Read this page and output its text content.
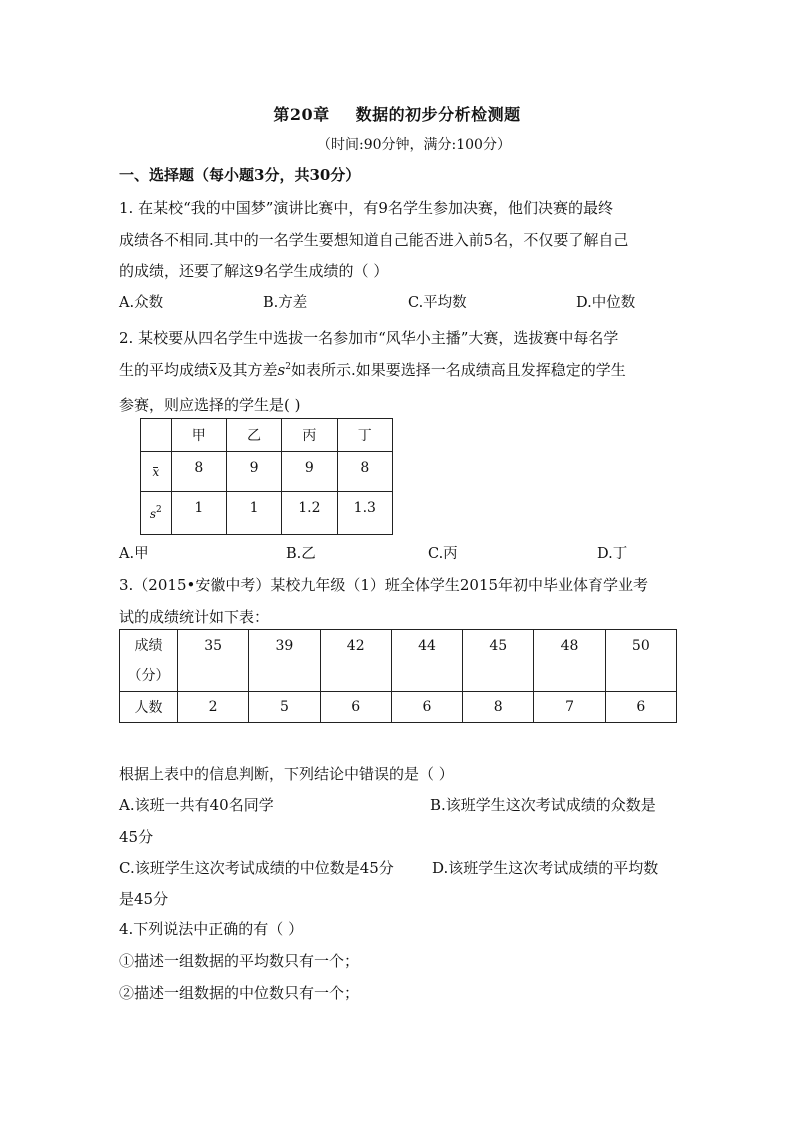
第20章 数据的初步分析检测题
（时间:90分钟，满分:100分）
一、选择题（每小题3分，共30分）
1. 在某校“我的中国梦”演讲比赛中，有9名学生参加决赛，他们决赛的最终
成绩各不相同.其中的一名学生要想知道自己能否进入前5名，不仅要了解自己
的成绩，还要了解这9名学生成绩的（ ）
A.众数	B.方差	C.平均数	D.中位数
2. 某校要从四名学生中选拔一名参加市“风华小主播”大赛，选拔赛中每名学
生的平均成绩x及其方差$s^2$如表所示.如果要选择一名成绩高且发挥稳定的学生
参赛，则应选择的学生是( )
	甲	乙	丙	丁
x	8	9	9	8
$s^2$	1	1	1.2	1.3
A.甲	B.乙	C.丙	D.丁
3.（2015•安徽中考）某校九年级（1）班全体学生2015年初中毕业体育学业考
试的成绩统计如下表：
成绩
（分）	35	39	42	44	45	48	50
人数	2	5	6	6	8	7	6
根据上表中的信息判断，下列结论中错误的是（ ）
A.该班一共有40名同学	B.该班学生这次考试成绩的众数是
45分
C.该班学生这次考试成绩的中位数是45分	D.该班学生这次考试成绩的平均数
是45分
4.下列说法中正确的有（ ）
①描述一组数据的平均数只有一个；
②描述一组数据的中位数只有一个；
